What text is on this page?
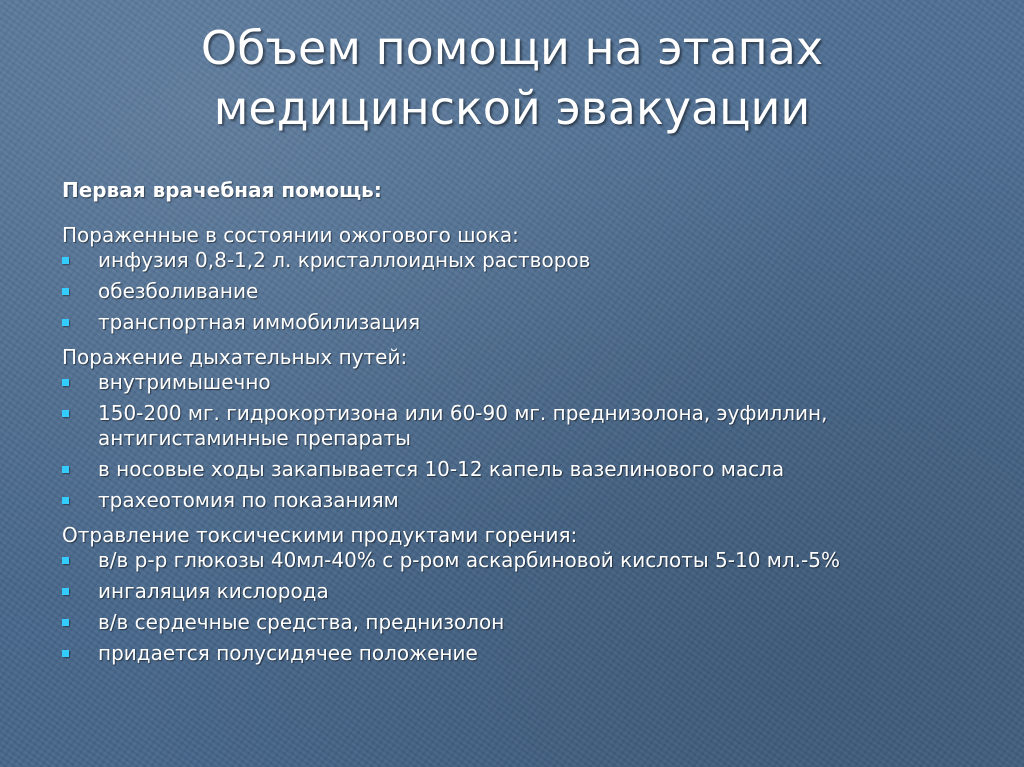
Объем помощи на этапах
медицинской эвакуации
Первая врачебная помощь:
Пораженные в состоянии ожогового шока:
инфузия 0,8-1,2 л. кристаллоидных растворов
обезболивание
транспортная иммобилизация
Поражение дыхательных путей:
внутримышечно
150-200 мг. гидрокортизона или 60-90 мг. преднизолона, эуфиллин, антигистаминные препараты
в носовые ходы закапывается 10-12 капель вазелинового масла
трахеотомия по показаниям
Отравление токсическими продуктами горения:
в/в р-р глюкозы 40мл-40% с р-ром аскарбиновой кислоты 5-10 мл.-5%
ингаляция кислорода
в/в сердечные средства, преднизолон
придается полусидячее положение
